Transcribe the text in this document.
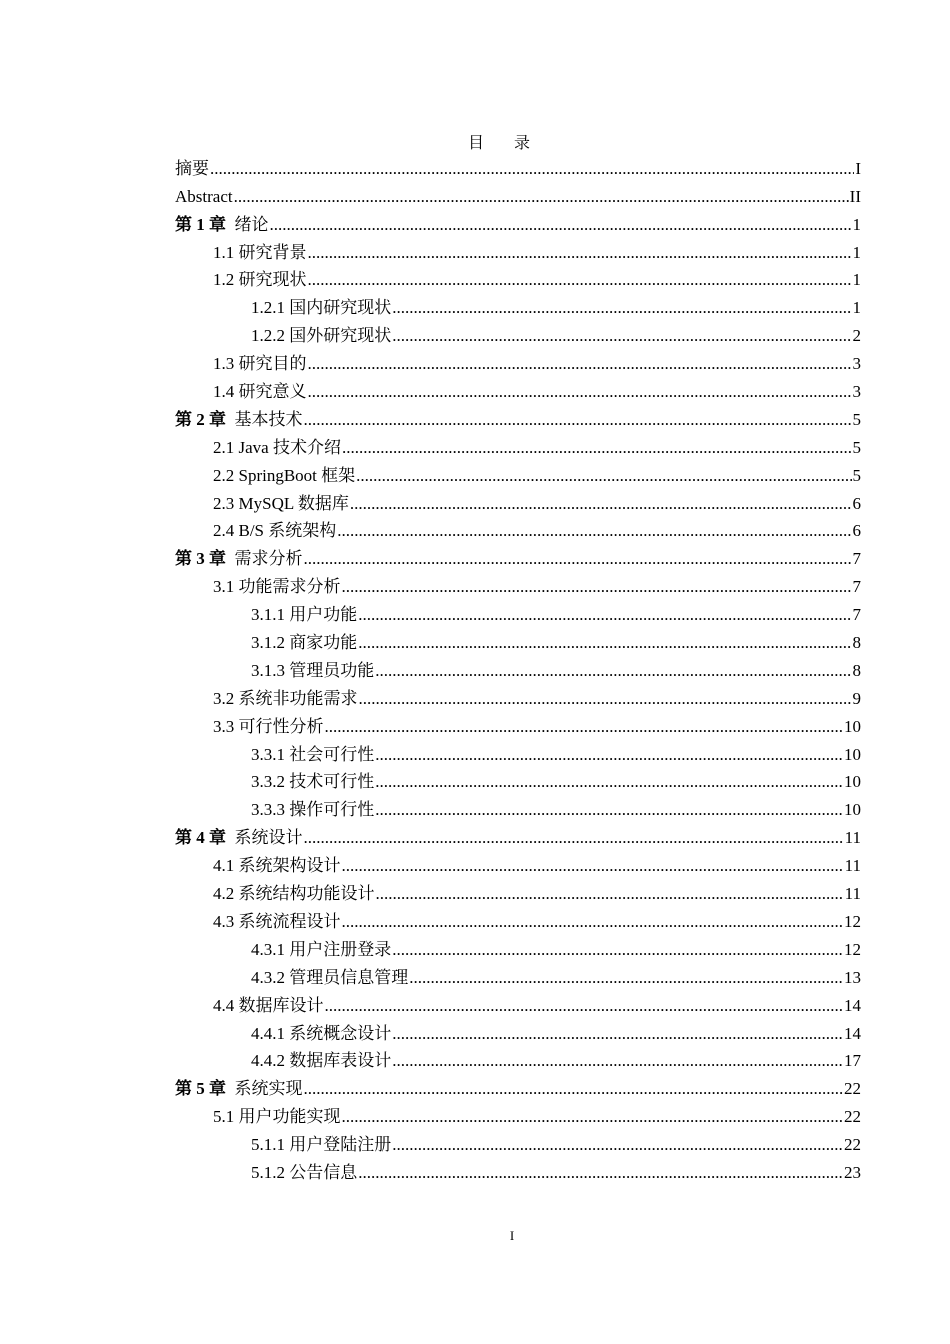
目录
摘要 .....	I
Abstract .....	II
第 1 章 绪论 .....	1
1.1 研究背景 .....	1
1.2 研究现状 .....	1
1.2.1 国内研究现状 .....	1
1.2.2 国外研究现状 .....	2
1.3 研究目的 .....	3
1.4 研究意义 .....	3
第 2 章 基本技术 .....	5
2.1 Java 技术介绍 .....	5
2.2 SpringBoot 框架 .....	5
2.3 MySQL 数据库 .....	6
2.4 B/S 系统架构 .....	6
第 3 章 需求分析 .....	7
3.1 功能需求分析 .....	7
3.1.1 用户功能 .....	7
3.1.2 商家功能 .....	8
3.1.3 管理员功能 .....	8
3.2 系统非功能需求 .....	9
3.3 可行性分析 .....	10
3.3.1 社会可行性 .....	10
3.3.2 技术可行性 .....	10
3.3.3 操作可行性 .....	10
第 4 章 系统设计 .....	11
4.1 系统架构设计 .....	11
4.2 系统结构功能设计 .....	11
4.3 系统流程设计 .....	12
4.3.1 用户注册登录 .....	12
4.3.2 管理员信息管理 .....	13
4.4 数据库设计 .....	14
4.4.1 系统概念设计 .....	14
4.4.2 数据库表设计 .....	17
第 5 章 系统实现 .....	22
5.1 用户功能实现 .....	22
5.1.1 用户登陆注册 .....	22
5.1.2 公告信息 .....	23
I
